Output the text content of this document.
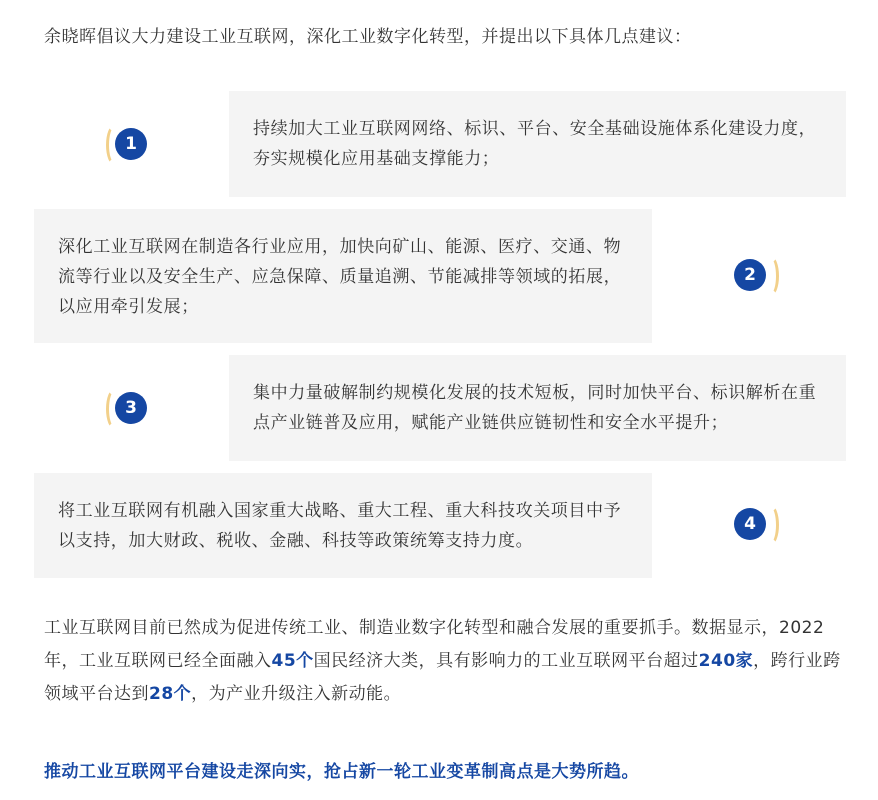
余晓晖倡议大力建设工业互联网，深化工业数字化转型，并提出以下具体几点建议：

持续加大工业互联网网络、标识、平台、安全基础设施体系化建设力度，夯实规模化应用基础支撑能力；

1

深化工业互联网在制造各行业应用，加快向矿山、能源、医疗、交通、物流等行业以及安全生产、应急保障、质量追溯、节能减排等领域的拓展，以应用牵引发展；

2

集中力量破解制约规模化发展的技术短板，同时加快平台、标识解析在重点产业链普及应用，赋能产业链供应链韧性和安全水平提升；

3

将工业互联网有机融入国家重大战略、重大工程、重大科技攻关项目中予以支持，加大财政、税收、金融、科技等政策统筹支持力度。

4

工业互联网目前已然成为促进传统工业、制造业数字化转型和融合发展的重要抓手。数据显示，2022年，工业互联网已经全面融入45个国民经济大类，具有影响力的工业互联网平台超过240家，跨行业跨领域平台达到28个，为产业升级注入新动能。

推动工业互联网平台建设走深向实，抢占新一轮工业变革制高点是大势所趋。
